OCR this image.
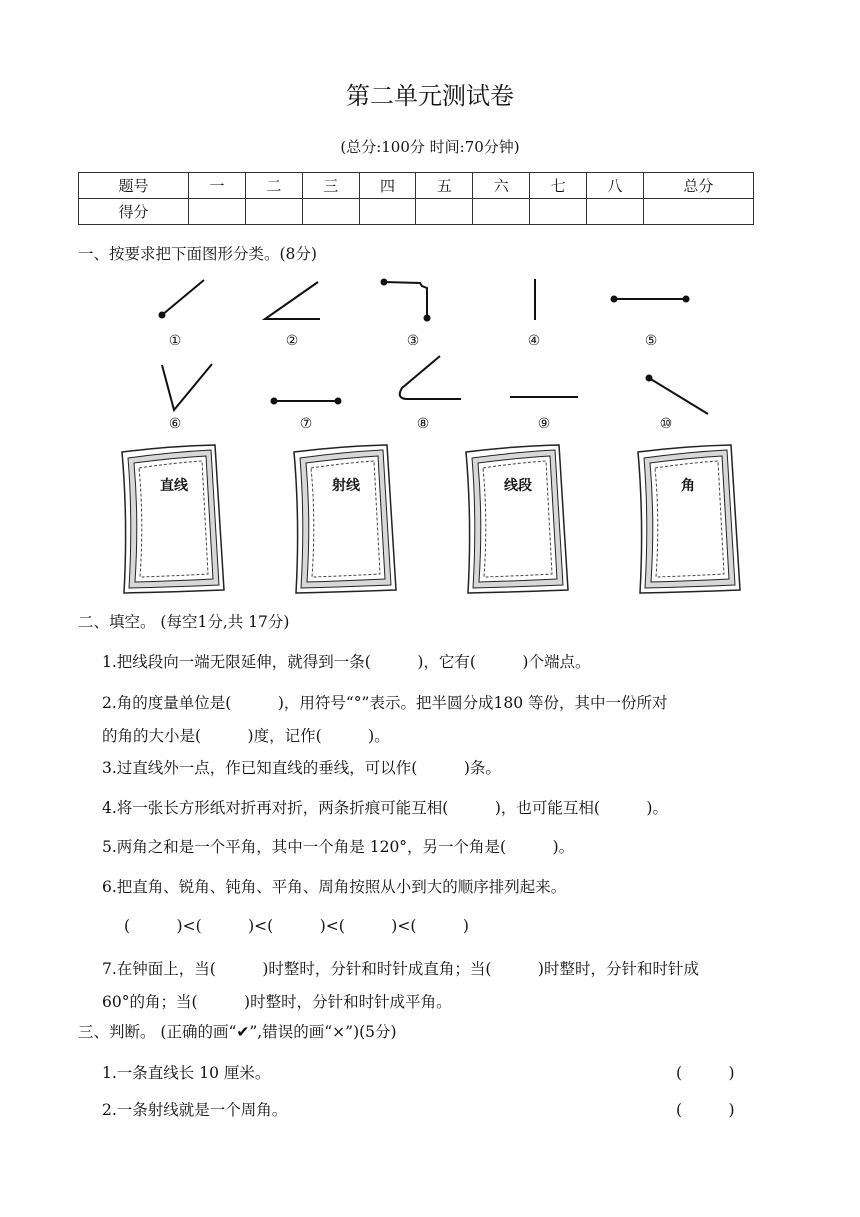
第二单元测试卷
(总分:100分 时间:70分钟)
题号	一	二	三	四	五	六	七	八	总分
得分									
一、按要求把下面图形分类。(8分)
①	②	③	④	⑤
⑥	⑦	⑧	⑨	⑩
直线	射线	线段	角
二、填空。 (每空1分,共 17分)
1.把线段向一端无限延伸，就得到一条(　　　)，它有(　　　)个端点。
2.角的度量单位是(　　　)，用符号“°”表示。把半圆分成180 等份，其中一份所对
的角的大小是(　　　)度，记作(　　　)。
3.过直线外一点，作已知直线的垂线，可以作(　　　)条。
4.将一张长方形纸对折再对折，两条折痕可能互相(　　　)，也可能互相(　　　)。
5.两角之和是一个平角，其中一个角是 120°，另一个角是(　　　)。
6.把直角、锐角、钝角、平角、周角按照从小到大的顺序排列起来。
(　　　)<(　　　)<(　　　)<(　　　)<(　　　)
7.在钟面上，当(　　　)时整时，分针和时针成直角；当(　　　)时整时，分针和时针成
60°的角；当(　　　)时整时，分针和时针成平角。
三、判断。 (正确的画“✔”,错误的画“×”)(5分)
1.一条直线长 10 厘米。	(　　　)
2.一条射线就是一个周角。	(　　　)
